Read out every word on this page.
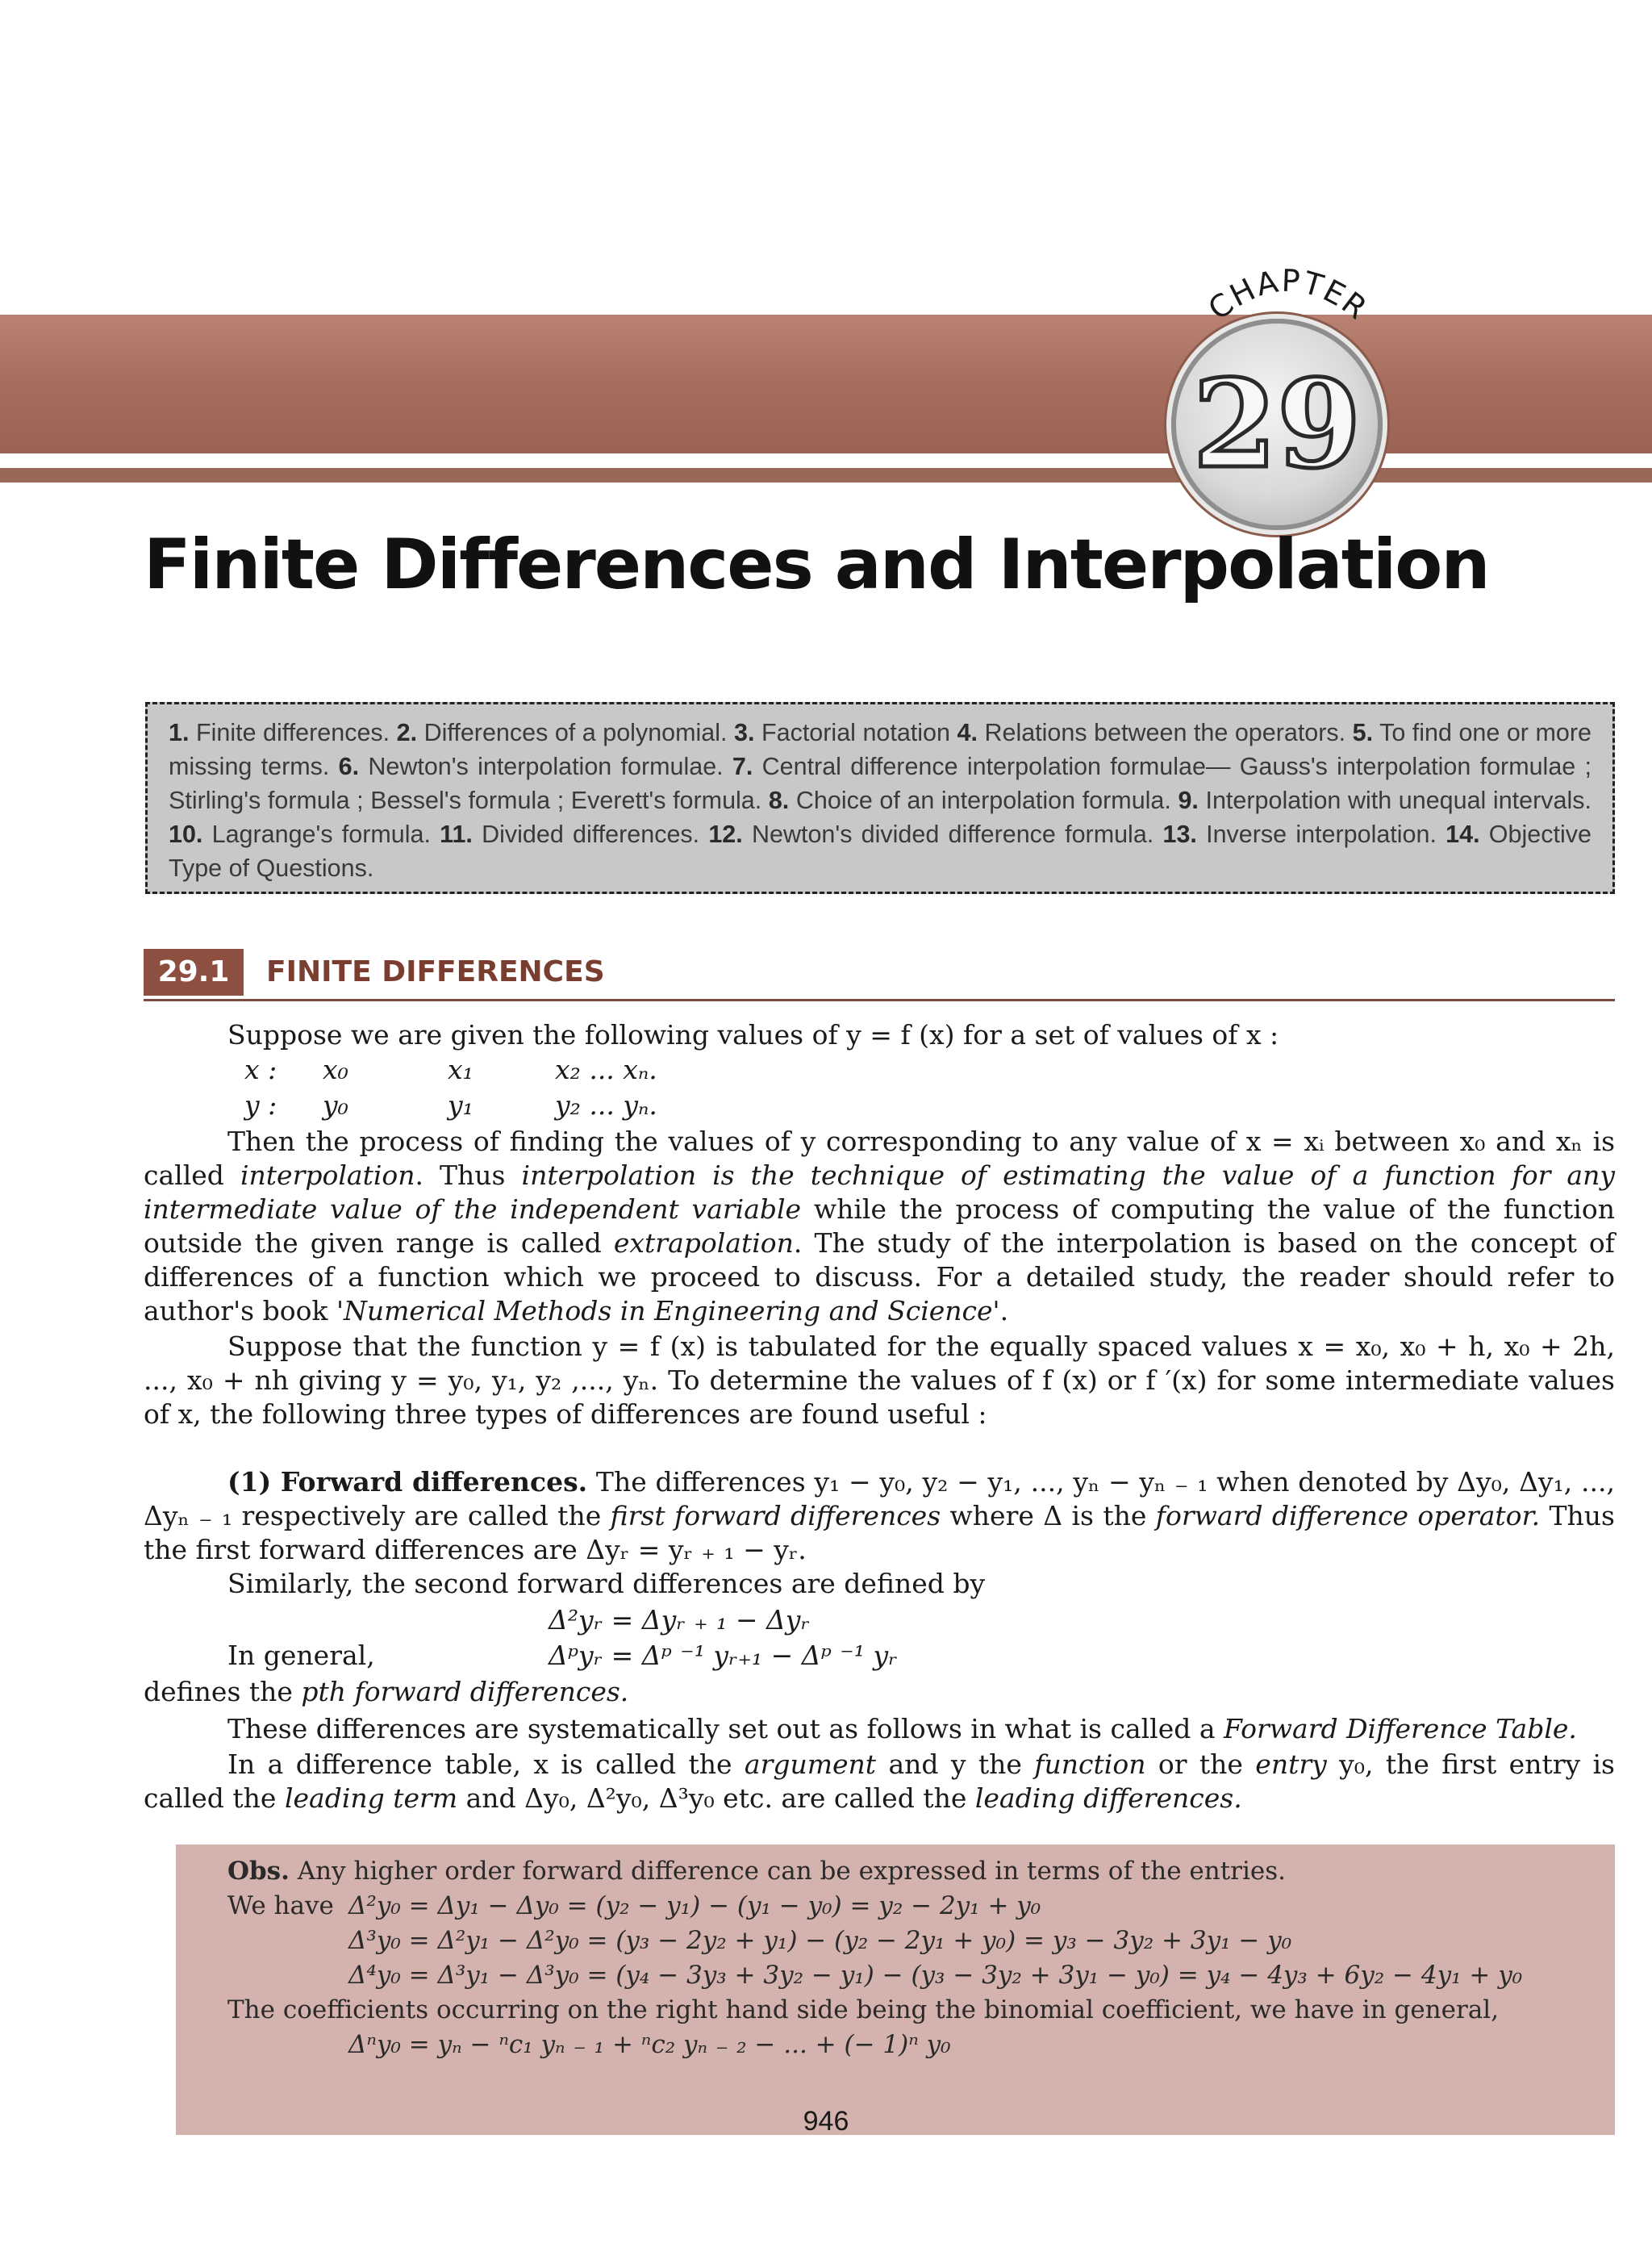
CHAPTER
29
Finite Differences and Interpolation
1. Finite differences. 2. Differences of a polynomial. 3. Factorial notation 4. Relations between the operators. 5. To find one or more missing terms. 6. Newton's interpolation formulae. 7. Central difference interpolation formulae— Gauss's interpolation formulae ; Stirling's formula ; Bessel's formula ; Everett's formula. 8. Choice of an interpolation formula. 9. Interpolation with unequal intervals. 10. Lagrange's formula. 11. Divided differences. 12. Newton's divided difference formula. 13. Inverse interpolation. 14. Objective Type of Questions.
29.1	FINITE DIFFERENCES
Suppose we are given the following values of y = f (x) for a set of values of x :
x : x₀	x₁	x₂ ... xₙ.
y : y₀	y₁	y₂ ... yₙ.
Then the process of finding the values of y corresponding to any value of x = xᵢ between x₀ and xₙ is called interpolation. Thus interpolation is the technique of estimating the value of a function for any intermediate value of the independent variable while the process of computing the value of the function outside the given range is called extrapolation. The study of the interpolation is based on the concept of differences of a function which we proceed to discuss. For a detailed study, the reader should refer to author's book 'Numerical Methods in Engineering and Science'.
Suppose that the function y = f (x) is tabulated for the equally spaced values x = x₀, x₀ + h, x₀ + 2h, ..., x₀ + nh giving y = y₀, y₁, y₂ ,..., yₙ. To determine the values of f (x) or f ′(x) for some intermediate values of x, the following three types of differences are found useful :
(1) Forward differences. The differences y₁ − y₀, y₂ − y₁, ..., yₙ − yₙ ₋ ₁ when denoted by Δy₀, Δy₁, ..., Δyₙ ₋ ₁ respectively are called the first forward differences where Δ is the forward difference operator. Thus the first forward differences are Δyᵣ = yᵣ ₊ ₁ − yᵣ.
Similarly, the second forward differences are defined by
Δ²yᵣ = Δyᵣ ₊ ₁ − Δyᵣ
In general,	Δᵖyᵣ = Δᵖ ⁻¹ yᵣ₊₁ − Δᵖ ⁻¹ yᵣ
defines the pth forward differences.
These differences are systematically set out as follows in what is called a Forward Difference Table.
In a difference table, x is called the argument and y the function or the entry y₀, the first entry is called the leading term and Δy₀, Δ²y₀, Δ³y₀ etc. are called the leading differences.
Obs. Any higher order forward difference can be expressed in terms of the entries.
We have Δ²y₀ = Δy₁ − Δy₀ = (y₂ − y₁) − (y₁ − y₀) = y₂ − 2y₁ + y₀
Δ³y₀ = Δ²y₁ − Δ²y₀ = (y₃ − 2y₂ + y₁) − (y₂ − 2y₁ + y₀) = y₃ − 3y₂ + 3y₁ − y₀
Δ⁴y₀ = Δ³y₁ − Δ³y₀ = (y₄ − 3y₃ + 3y₂ − y₁) − (y₃ − 3y₂ + 3y₁ − y₀) = y₄ − 4y₃ + 6y₂ − 4y₁ + y₀
The coefficients occurring on the right hand side being the binomial coefficient, we have in general,
Δⁿy₀ = yₙ − ⁿc₁ yₙ ₋ ₁ + ⁿc₂ yₙ ₋ ₂ − ... + (− 1)ⁿ y₀
946
